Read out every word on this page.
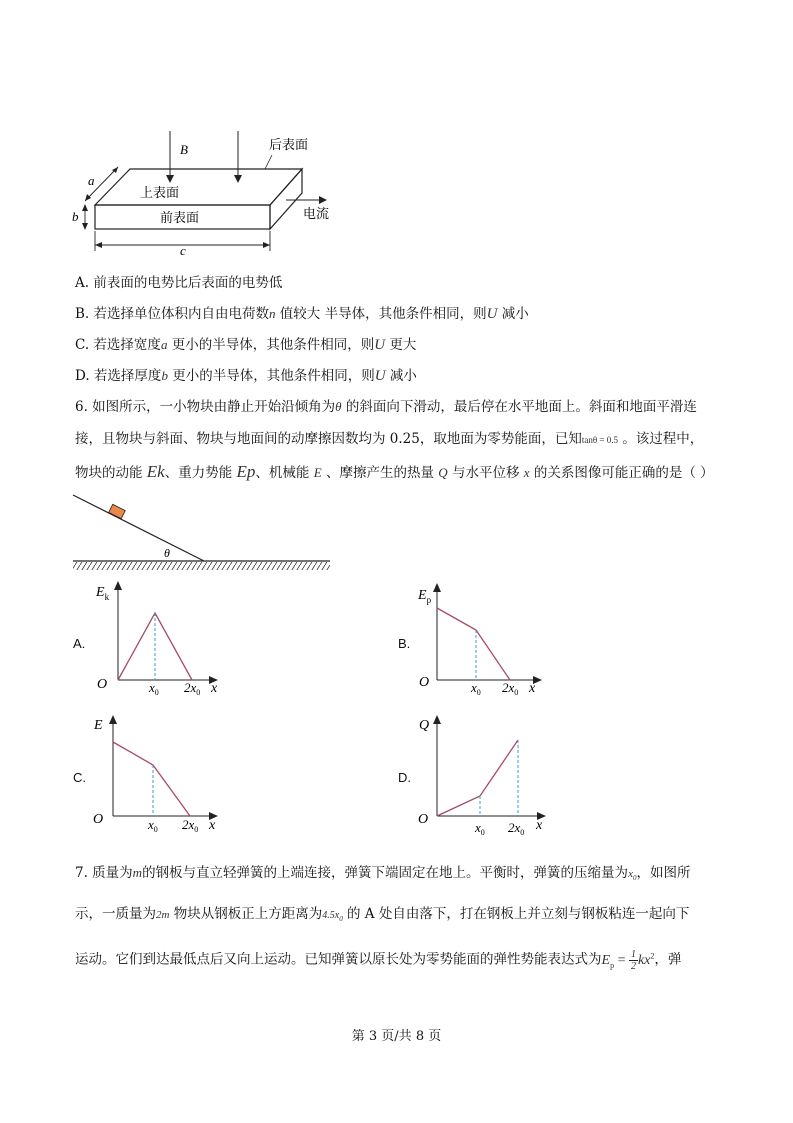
B	后表面
上表面
前表面	电流
a
b
c
A. 前表面的电势比后表面的电势低
B. 若选择单位体积内自由电荷数n 值较大 半导体，其他条件相同，则U 减小
C. 若选择宽度a 更小的半导体，其他条件相同，则U 更大
D. 若选择厚度b 更小的半导体，其他条件相同，则U 减小
6. 如图所示，一小物块由静止开始沿倾角为θ 的斜面向下滑动，最后停在水平地面上。斜面和地面平滑连
接，且物块与斜面、物块与地面间的动摩擦因数均为 0.25，取地面为零势能面，已知tanθ = 0.5 。该过程中，
物块的动能 Ek、重力势能 Ep、机械能 E 、摩擦产生的热量 Q 与水平位移 x 的关系图像可能正确的是（ ）
θ
A.
$E_k$
O	$x_0$ $2x_0$ x
B.
$E_p$
O	$x_0$ $2x_0$ x
C.
E
O	$x_0$ $2x_0$ x
D.
Q
O
$x_0$ $2x_0$ x
7. 质量为m的钢板与直立轻弹簧的上端连接，弹簧下端固定在地上。平衡时，弹簧的压缩量为$x_0$，如图所
示，一质量为2m 物块从钢板正上方距离为$4.5x_0$ 的 A 处自由落下，打在钢板上并立刻与钢板粘连一起向下
运动。它们到达最低点后又向上运动。已知弹簧以原长处为零势能面的弹性势能表达式为$E_p = \frac{1}{2} kx^2$，弹
第 3 页/共 8 页
